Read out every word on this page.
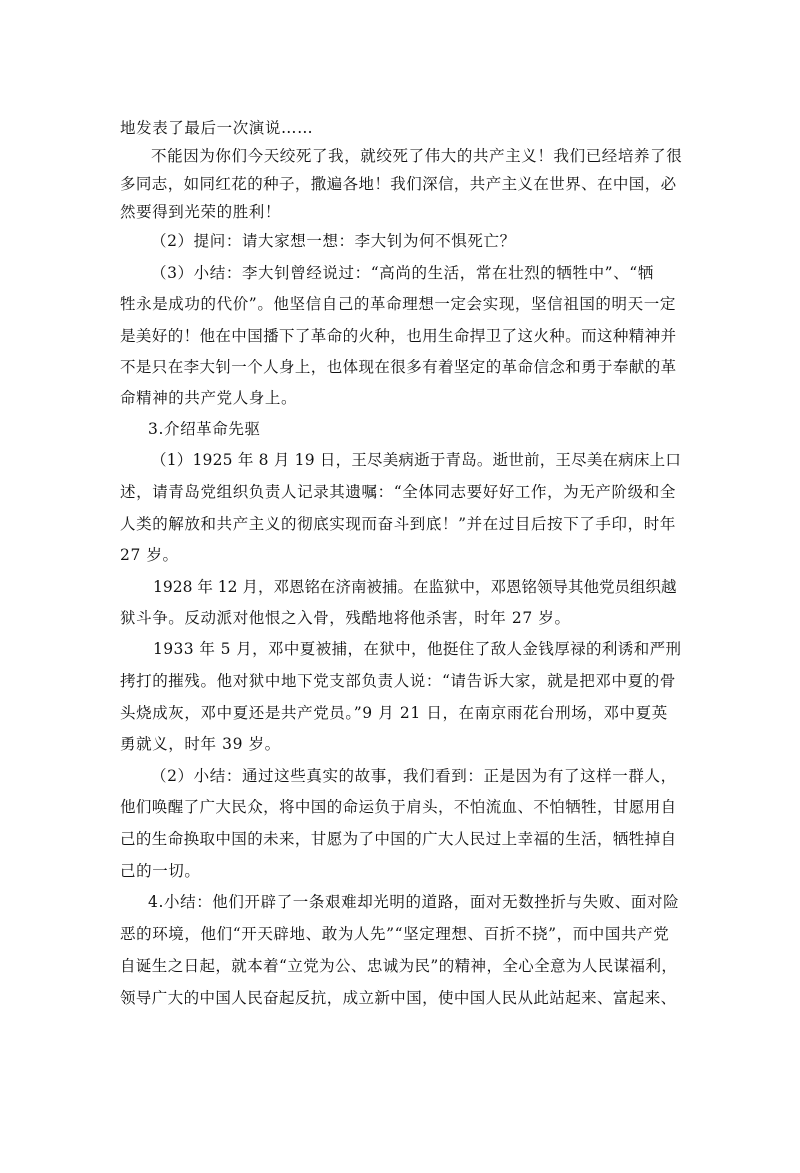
地发表了最后一次演说……
不能因为你们今天绞死了我，就绞死了伟大的共产主义！我们已经培养了很
多同志，如同红花的种子，撒遍各地！我们深信，共产主义在世界、在中国，必
然要得到光荣的胜利！
（2）提问：请大家想一想：李大钊为何不惧死亡？
（3）小结：李大钊曾经说过：“高尚的生活，常在壮烈的牺牲中”、“牺
牲永是成功的代价”。他坚信自己的革命理想一定会实现，坚信祖国的明天一定
是美好的！他在中国播下了革命的火种，也用生命捍卫了这火种。而这种精神并
不是只在李大钊一个人身上，也体现在很多有着坚定的革命信念和勇于奉献的革
命精神的共产党人身上。
3.介绍革命先驱
（1）1925 年 8 月 19 日，王尽美病逝于青岛。逝世前，王尽美在病床上口
述，请青岛党组织负责人记录其遗嘱：“全体同志要好好工作，为无产阶级和全
人类的解放和共产主义的彻底实现而奋斗到底！”并在过目后按下了手印，时年
27 岁。
1928 年 12 月，邓恩铭在济南被捕。在监狱中，邓恩铭领导其他党员组织越
狱斗争。反动派对他恨之入骨，残酷地将他杀害，时年 27 岁。
1933 年 5 月，邓中夏被捕，在狱中，他挺住了敌人金钱厚禄的利诱和严刑
拷打的摧残。他对狱中地下党支部负责人说：“请告诉大家，就是把邓中夏的骨
头烧成灰，邓中夏还是共产党员。”9 月 21 日，在南京雨花台刑场，邓中夏英
勇就义，时年 39 岁。
（2）小结：通过这些真实的故事，我们看到：正是因为有了这样一群人，
他们唤醒了广大民众，将中国的命运负于肩头，不怕流血、不怕牺牲，甘愿用自
己的生命换取中国的未来，甘愿为了中国的广大人民过上幸福的生活，牺牲掉自
己的一切。
4.小结：他们开辟了一条艰难却光明的道路，面对无数挫折与失败、面对险
恶的环境，他们“开天辟地、敢为人先”“坚定理想、百折不挠”，而中国共产党
自诞生之日起，就本着“立党为公、忠诚为民”的精神，全心全意为人民谋福利，
领导广大的中国人民奋起反抗，成立新中国，使中国人民从此站起来、富起来、
